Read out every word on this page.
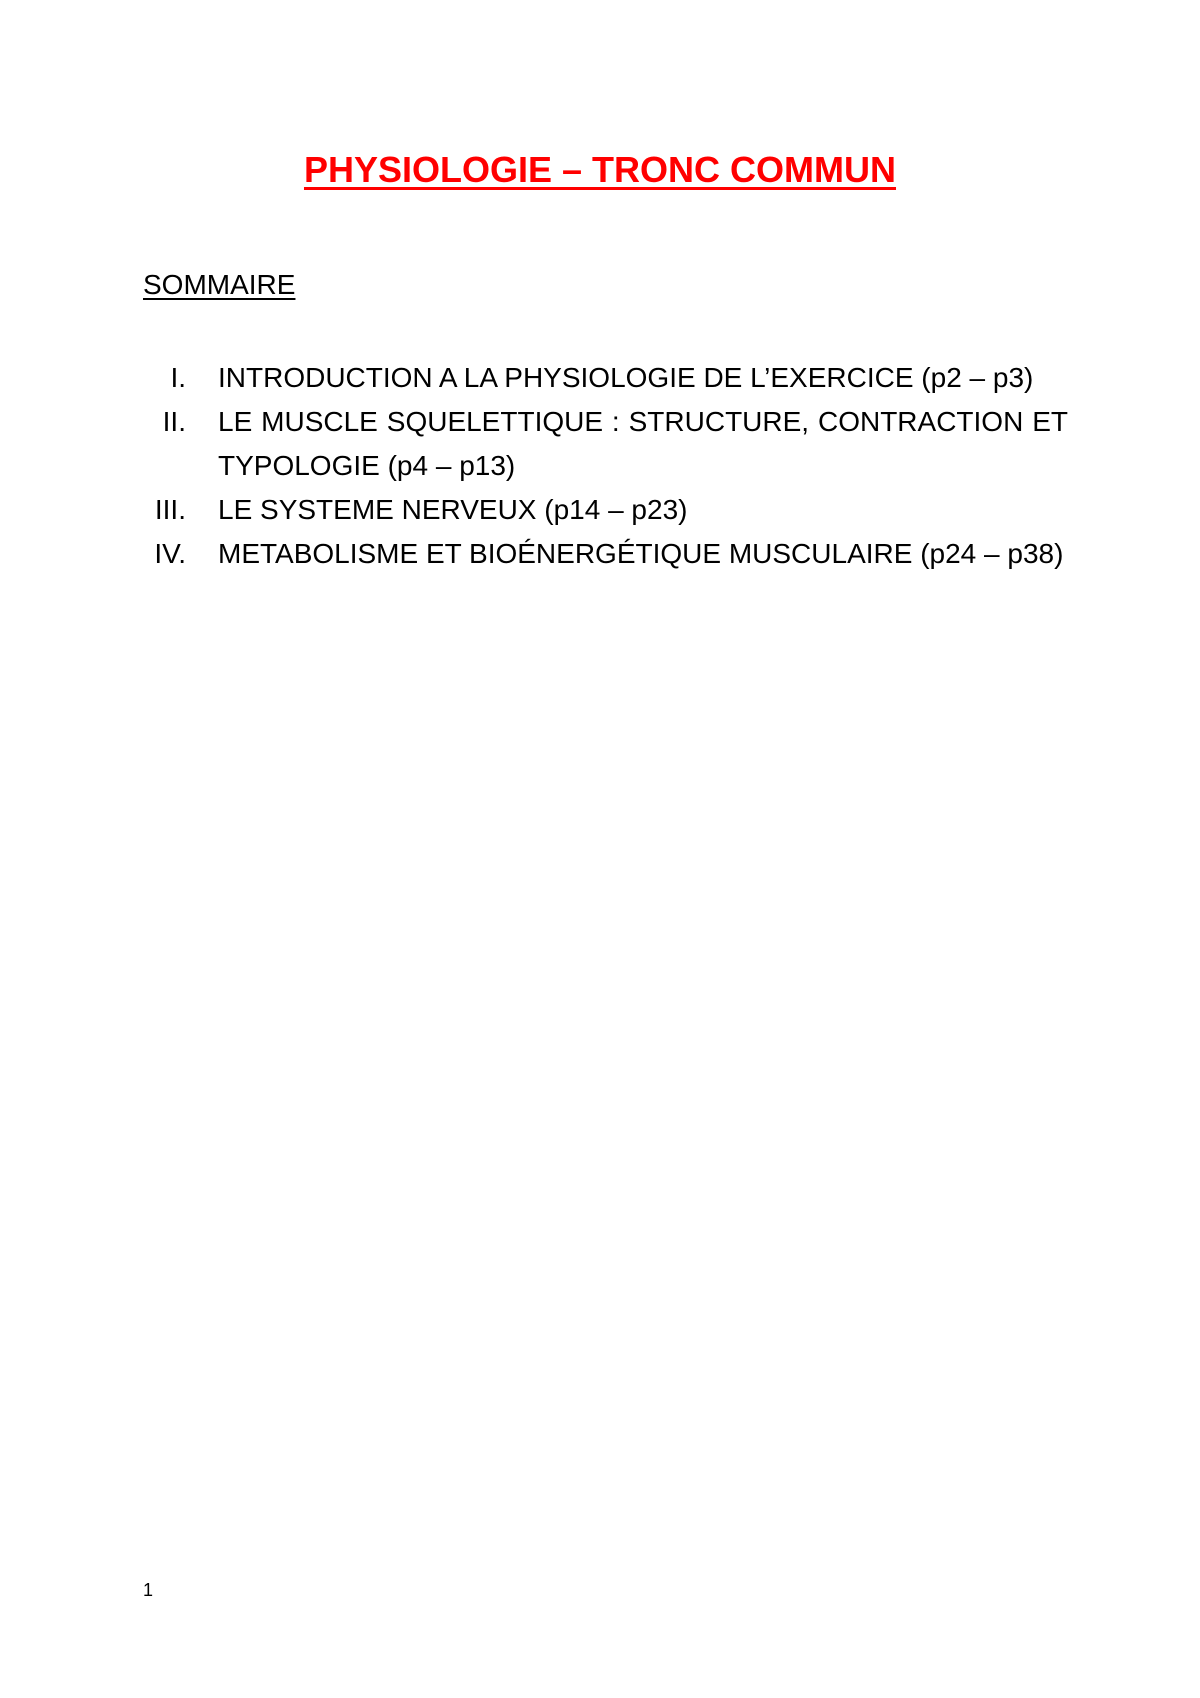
PHYSIOLOGIE – TRONC COMMUN
SOMMAIRE
I.	INTRODUCTION A LA PHYSIOLOGIE DE L’EXERCICE (p2 – p3)
II.	LE MUSCLE SQUELETTIQUE : STRUCTURE, CONTRACTION ET TYPOLOGIE (p4 – p13)
III.	LE SYSTEME NERVEUX (p14 – p23)
IV.	METABOLISME ET BIOÉNERGÉTIQUE MUSCULAIRE (p24 – p38)
1
